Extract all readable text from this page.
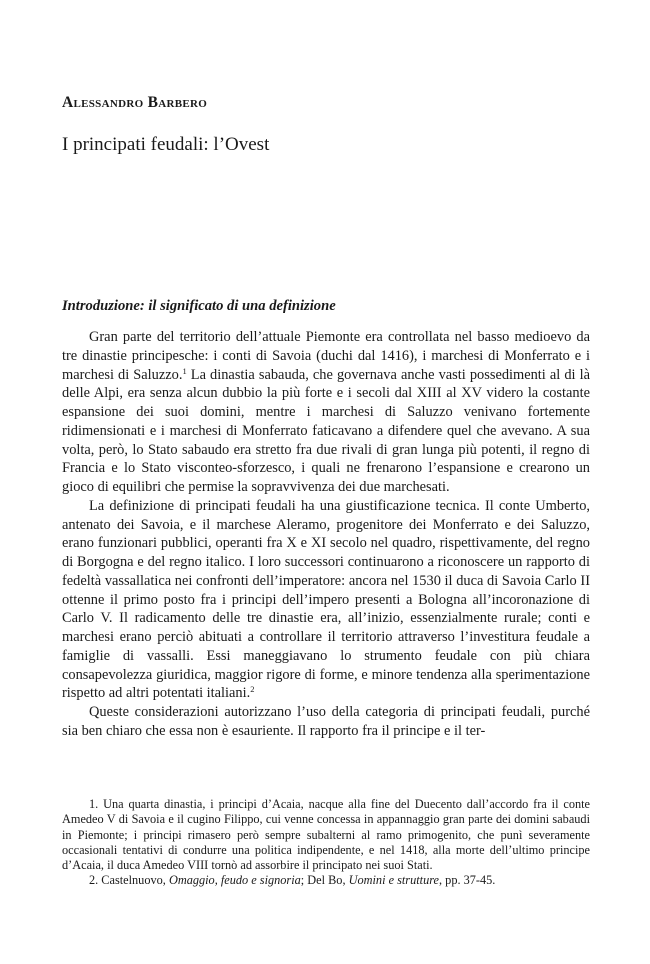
Alessandro Barbero
I principati feudali: l’Ovest
Introduzione: il significato di una definizione

Gran parte del territorio dell’attuale Piemonte era controllata nel basso medioevo da tre dinastie principesche: i conti di Savoia (duchi dal 1416), i marchesi di Monferrato e i marchesi di Saluzzo.$^1$ La dinastia sabauda, che governava anche vasti possedimenti al di là delle Alpi, era senza alcun dubbio la più forte e i secoli dal XIII al XV videro la costante espansione dei suoi domini, mentre i marchesi di Saluzzo venivano fortemente ridimensionati e i marchesi di Monferrato faticavano a difendere quel che avevano. A sua volta, però, lo Stato sabaudo era stretto fra due rivali di gran lunga più potenti, il regno di Francia e lo Stato viscontеo-sforzesco, i quali ne frenarono l’espansione e crearono un gioco di equilibri che permise la sopravvivenza dei due marchesati.

La definizione di principati feudali ha una giustificazione tecnica. Il conte Umberto, antenato dei Savoia, e il marchese Aleramo, progenitore dei Monferrato e dei Saluzzo, erano funzionari pubblici, operanti fra X e XI secolo nel quadro, rispettivamente, del regno di Borgogna e del regno italico. I loro successori continuarono a riconoscere un rapporto di fedeltà vassallatica nei confronti dell’imperatore: ancora nel 1530 il duca di Savoia Carlo II ottenne il primo posto fra i principi dell’impero presenti a Bologna all’incoronazione di Carlo V. Il radicamento delle tre dinastie era, all’inizio, essenzialmente rurale; conti e marchesi erano perciò abituati a controllare il territorio attraverso l’investitura feudale a famiglie di vassalli. Essi maneggiavano lo strumento feudale con più chiara consapevolezza giuridica, maggior rigore di forme, e minore tendenza alla sperimentazione rispetto ad altri potentati italiani.$^2$

Queste considerazioni autorizzano l’uso della categoria di principati feudali, purché sia ben chiaro che essa non è esauriente. Il rapporto fra il principe e il ter-

1. Una quarta dinastia, i principi d’Acaia, nacque alla fine del Duecento dall’accordo fra il conte Amedeo V di Savoia e il cugino Filippo, cui venne concessa in appannaggio gran parte dei domini sabaudi in Piemonte; i principi rimasero però sempre subalterni al ramo primogenito, che punì severamente occasionali tentativi di condurre una politica indipendente, e nel 1418, alla morte dell’ultimo principe d’Acaia, il duca Amedeo VIII tornò ad assorbire il principato nei suoi Stati.

2. Castelnuovo, Omaggio, feudo e signoria; Del Bo, Uomini e strutture, pp. 37-45.
